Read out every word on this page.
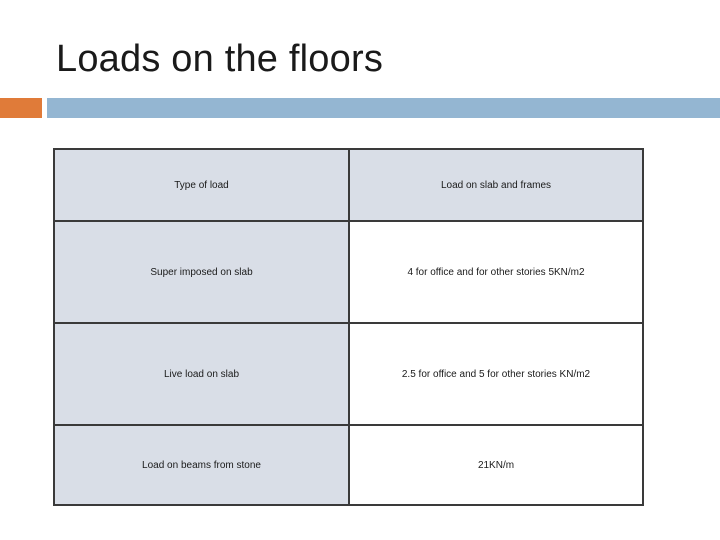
Loads on the floors
Type of load	Load on slab and frames
Super imposed on slab	4 for office and for other stories 5KN/m2
Live load on slab	2.5 for office and 5 for other stories KN/m2
Load on beams from stone	21KN/m
